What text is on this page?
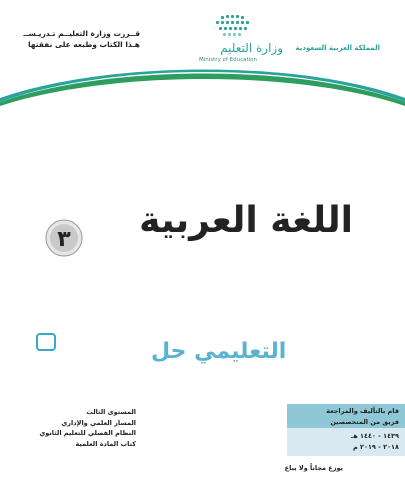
قــررت وزارة التعليــم تـدريـســ
هـذا الكتاب وطبعه على نفقتها	وزارة التعليم
Ministry of Education
المملكة العربية السعودية
اللغة العربية
٣
التعليمي حل
المستوى الثالث
المسار العلمي والإداري
النظام الفصلي للتعليم الثانوي
كتاب المادة العلمية
قام بالتأليف والمراجعة
فريق من المتخصصين
١٤٣٩ - ١٤٤٠ هـ
٢٠١٨ - ٢٠١٩ م
يوزع مجاناً ولا يباع
